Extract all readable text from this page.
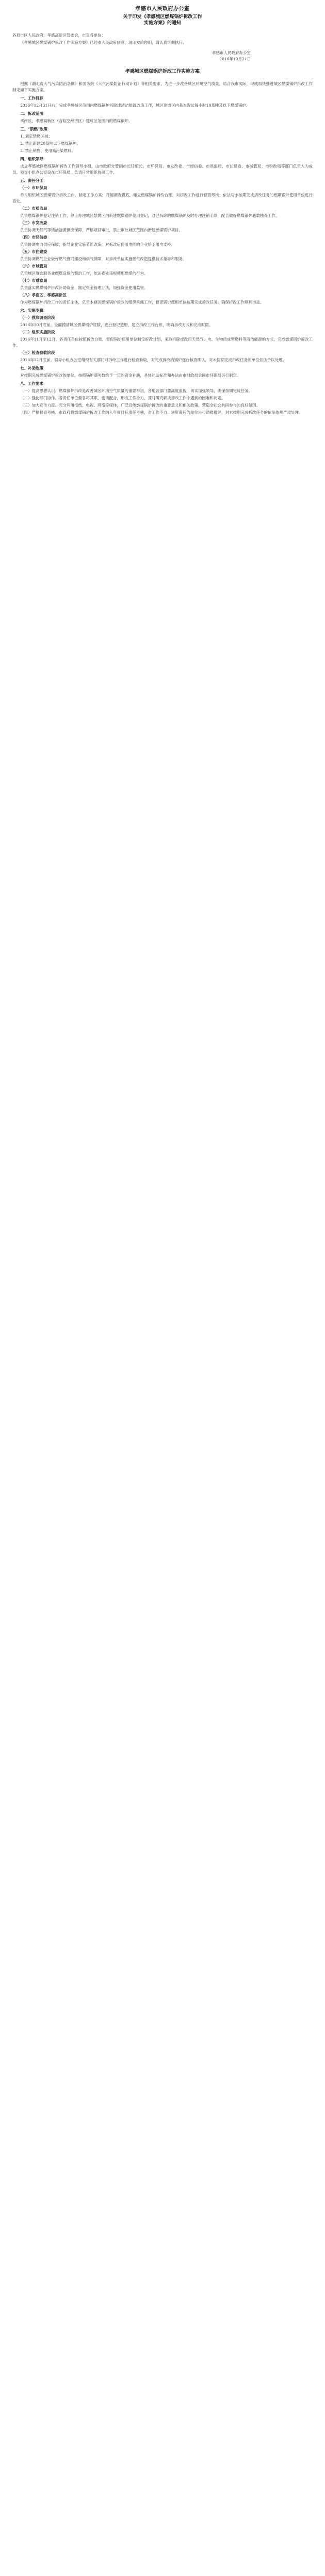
孝感市人民政府办公室
关于印发《孝感城区燃煤锅炉拆改工作
实施方案》的通知

各县市区人民政府，孝感高新区管委会，市直各单位：

《孝感城区燃煤锅炉拆改工作实施方案》已经市人民政府同意，现印发给你们，请认真贯彻执行。

孝感市人民政府办公室
2016年10月21日
孝感城区燃煤锅炉拆改工作实施方案

根据《湖北省大气污染防治条例》和国务院《大气污染防治行动计划》等相关要求，为进一步改善城区环境空气质量，结合我市实际，现就加快推进城区燃煤锅炉拆改工作制定如下实施方案。

一、工作目标

2016年12月31日前，完成孝感城区范围内燃煤锅炉拆除或清洁能源改造工作，城区建成区内基本淘汰每小时10蒸吨及以下燃煤锅炉。

二、拆改范围

孝南区、孝感高新区（含临空经济区）建成区范围内的燃煤锅炉。

三、"禁燃"政策

1. 划定禁燃区域；

2. 禁止新建20蒸吨以下燃煤锅炉；

3. 禁止销售、使用高污染燃料。

四、组织领导

成立孝感城区燃煤锅炉拆改工作领导小组，由市政府分管副市长任组长，市环保局、市发改委、市经信委、市质监局、市住建委、市城管局、市财政局等部门负责人为成员。领导小组办公室设在市环保局，负责日常组织协调工作。

五、责任分工
（一）市环保局

牵头组织城区燃煤锅炉拆改工作，制定工作方案，开展调查摸底，建立燃煤锅炉拆改台账，对拆改工作进行督查考核；依法对未按期完成拆改任务的燃煤锅炉使用单位进行查处。

（二）市质监局

负责燃煤锅炉登记注销工作，停止办理城区禁燃区内新建燃煤锅炉使用登记，对已拆除的燃煤锅炉及时办理注销手续，配合做好燃煤锅炉底数核查工作。

（三）市发改委

负责协调天然气等清洁能源供应保障，严格项目审批，禁止审批城区范围内新建燃煤锅炉项目。

（四）市经信委

负责协调电力供应保障，指导企业实施节能改造，对拆改后使用电能的企业给予用电支持。

（五）市住建委

负责协调燃气企业做好燃气管网建设和供气保障，对拆改单位实施燃气改造提供技术指导和服务。

（六）市城管局

负责城区餐饮服务业燃煤设施的整治工作，依法查处违规使用燃煤的行为。

（七）市财政局

负责落实燃煤锅炉拆改补助资金，制定资金管理办法，加强资金使用监管。

（八）孝南区、孝感高新区

作为燃煤锅炉拆改工作的责任主体，负责本辖区燃煤锅炉拆改的组织实施工作，督促锅炉使用单位按期完成拆改任务，确保拆改工作顺利推进。

六、实施步骤
（一）摸底调查阶段

2016年10月底前，全面摸清城区燃煤锅炉底数，逐台登记造册，建立拆改工作台账，明确拆改方式和完成时限。

（二）组织实施阶段

2016年11月至12月，各责任单位按照拆改台账，督促锅炉使用单位制定拆改计划，采取拆除或改用天然气、电、生物质成型燃料等清洁能源的方式，完成燃煤锅炉拆改工作。

（三）检查验收阶段

2016年12月底前，领导小组办公室组织有关部门对拆改工作进行检查验收，对完成拆改的锅炉逐台核查确认，对未按期完成拆改任务的单位依法予以处理。

七、补助政策

对按期完成燃煤锅炉拆改的单位，按照锅炉蒸吨数给予一定的资金补助，具体补助标准和办法由市财政局会同市环保局另行制定。

八、工作要求

（一）提高思想认识。燃煤锅炉拆改是改善城区环境空气质量的重要举措，各地各部门要高度重视，切实加强领导，确保按期完成任务。

（二）强化部门协作。各责任单位要各司其职、密切配合，形成工作合力，及时研究解决拆改工作中遇到的困难和问题。

（三）加大宣传力度。充分利用报纸、电视、网络等媒体，广泛宣传燃煤锅炉拆改的重要意义和相关政策，营造全社会共同参与的良好氛围。

（四）严格督查考核。市政府将燃煤锅炉拆改工作纳入年度目标责任考核，对工作不力、进度滞后的单位进行通报批评，对未按期完成拆改任务的依法依规严肃处理。
